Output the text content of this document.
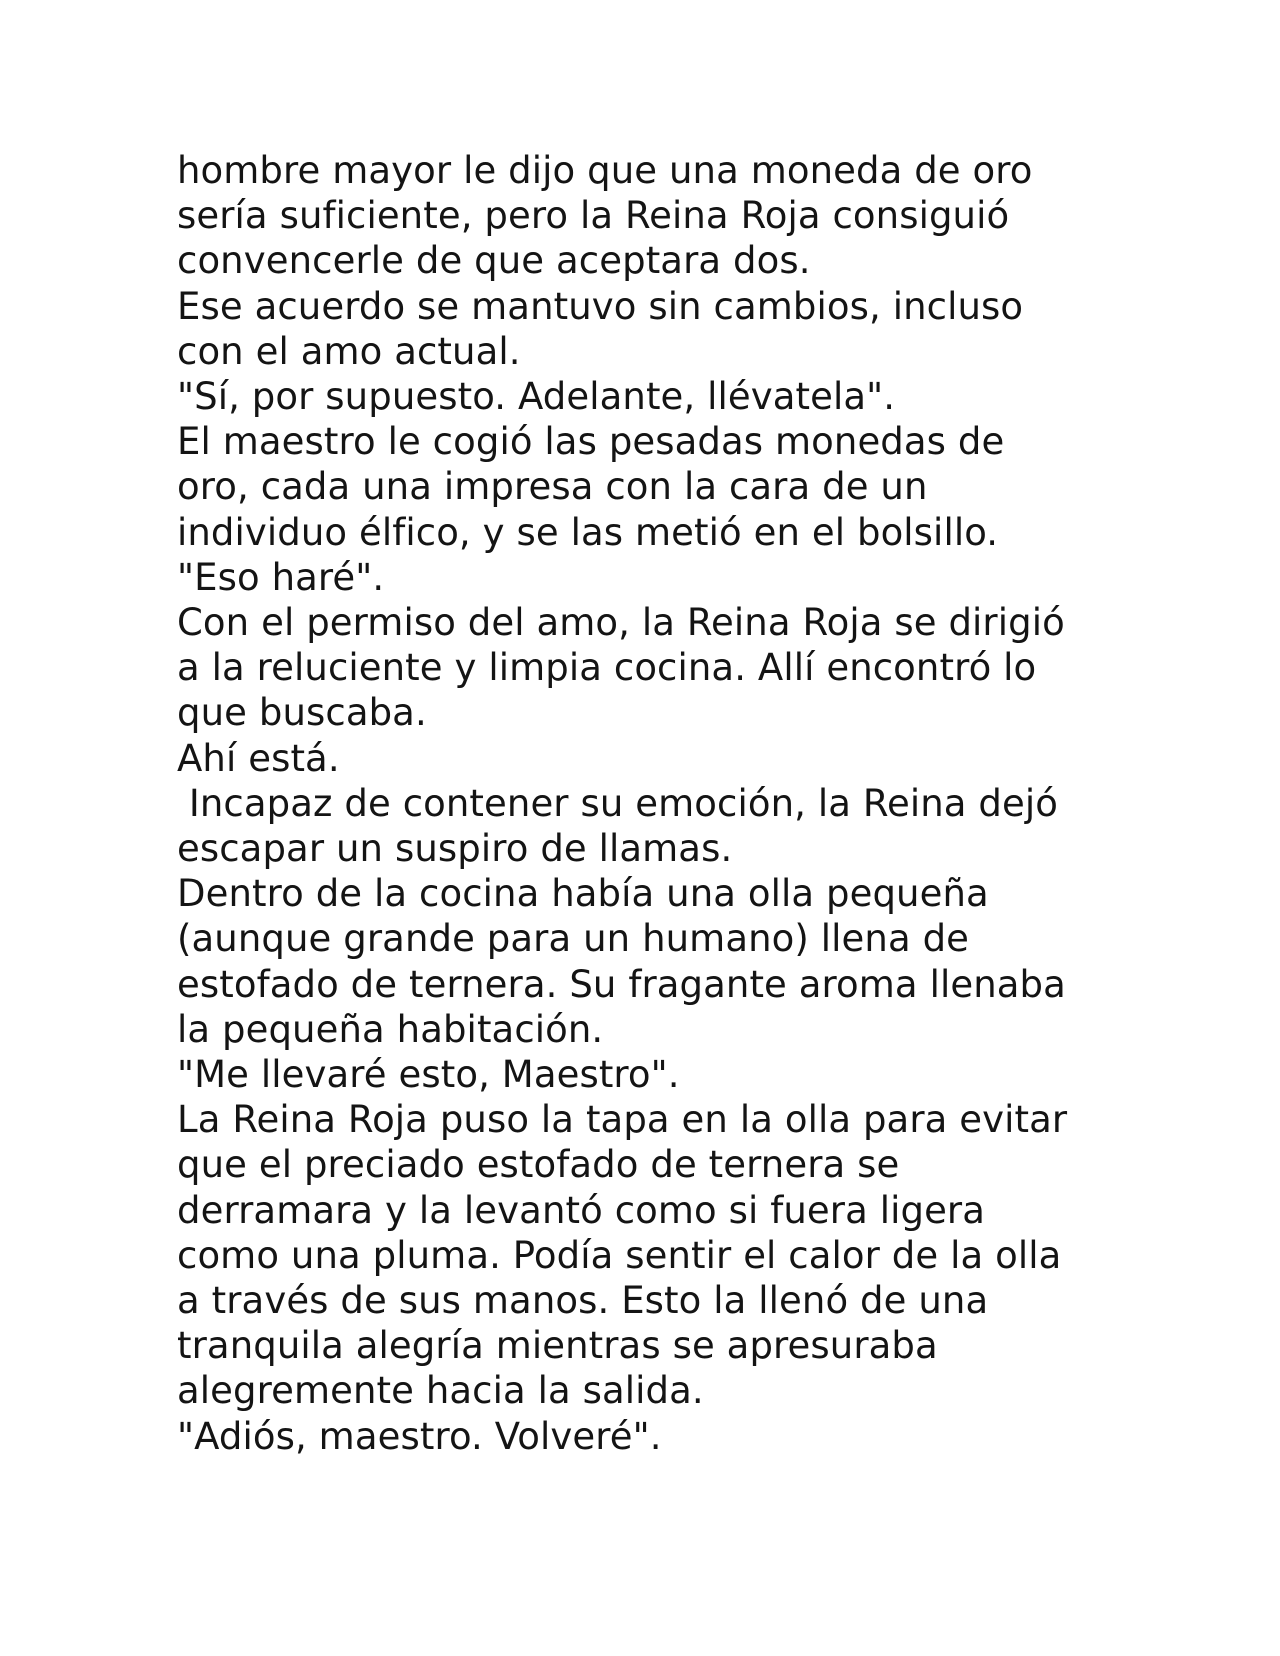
hombre mayor le dijo que una moneda de oro
sería suficiente, pero la Reina Roja consiguió
convencerle de que aceptara dos.
Ese acuerdo se mantuvo sin cambios, incluso
con el amo actual.
"Sí, por supuesto. Adelante, llévatela".
El maestro le cogió las pesadas monedas de
oro, cada una impresa con la cara de un
individuo élfico, y se las metió en el bolsillo.
"Eso haré".
Con el permiso del amo, la Reina Roja se dirigió
a la reluciente y limpia cocina. Allí encontró lo
que buscaba.
Ahí está.
Incapaz de contener su emoción, la Reina dejó
escapar un suspiro de llamas.
Dentro de la cocina había una olla pequeña
(aunque grande para un humano) llena de
estofado de ternera. Su fragante aroma llenaba
la pequeña habitación.
"Me llevaré esto, Maestro".
La Reina Roja puso la tapa en la olla para evitar
que el preciado estofado de ternera se
derramara y la levantó como si fuera ligera
como una pluma. Podía sentir el calor de la olla
a través de sus manos. Esto la llenó de una
tranquila alegría mientras se apresuraba
alegremente hacia la salida.
"Adiós, maestro. Volveré".
